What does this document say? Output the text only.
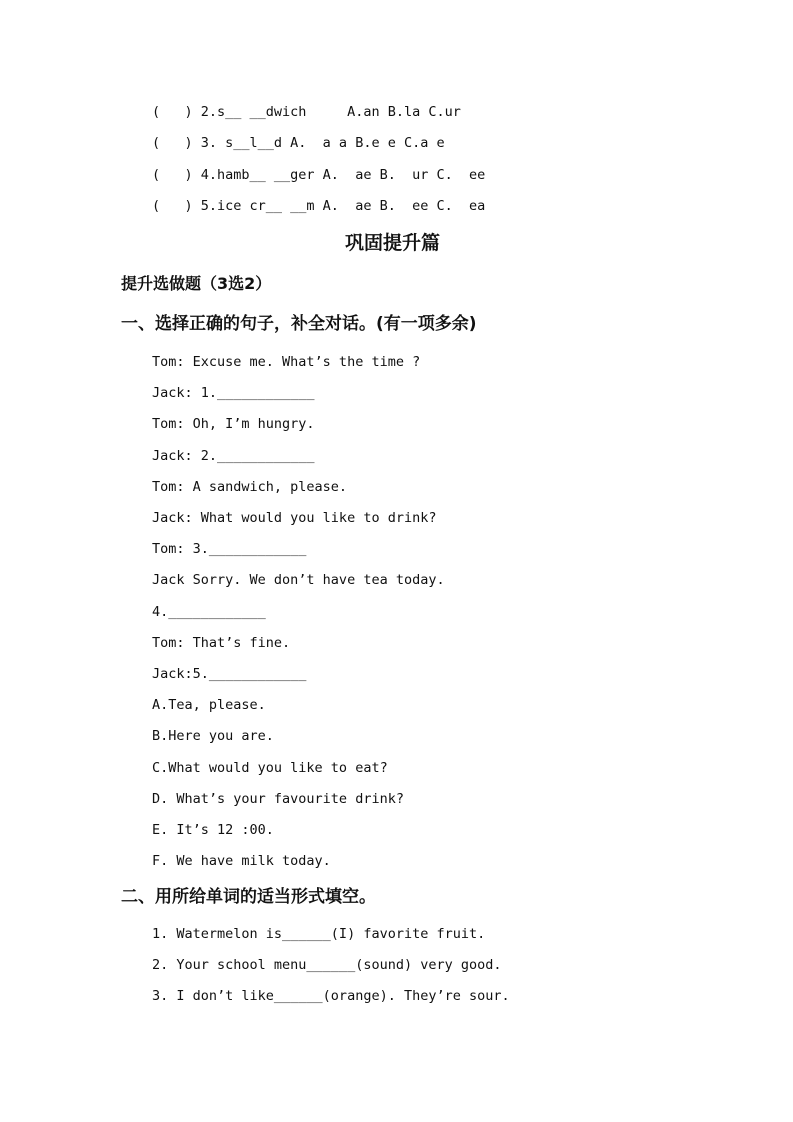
(   ) 2.s__ __dwich     A.an B.la C.ur
(   ) 3. s__l__d A.  a a B.e e C.a e
(   ) 4.hamb__ __ger A.  ae B.  ur C.  ee
(   ) 5.ice cr__ __m A.  ae B.  ee C.  ea
巩固提升篇
提升选做题（3选2）
一、选择正确的句子，补全对话。(有一项多余)
Tom: Excuse me. What’s the time ?
Jack: 1.____________
Tom: Oh, I’m hungry.
Jack: 2.____________
Tom: A sandwich, please.
Jack: What would you like to drink?
Tom: 3.____________
Jack Sorry. We don’t have tea today.
4.____________
Tom: That’s fine.
Jack:5.____________
A.Tea, please.
B.Here you are.
C.What would you like to eat?
D. What’s your favourite drink?
E. It’s 12 :00.
F. We have milk today.
二、用所给单词的适当形式填空。
1. Watermelon is______(I) favorite fruit.
2. Your school menu______(sound) very good.
3. I don’t like______(orange). They’re sour.
